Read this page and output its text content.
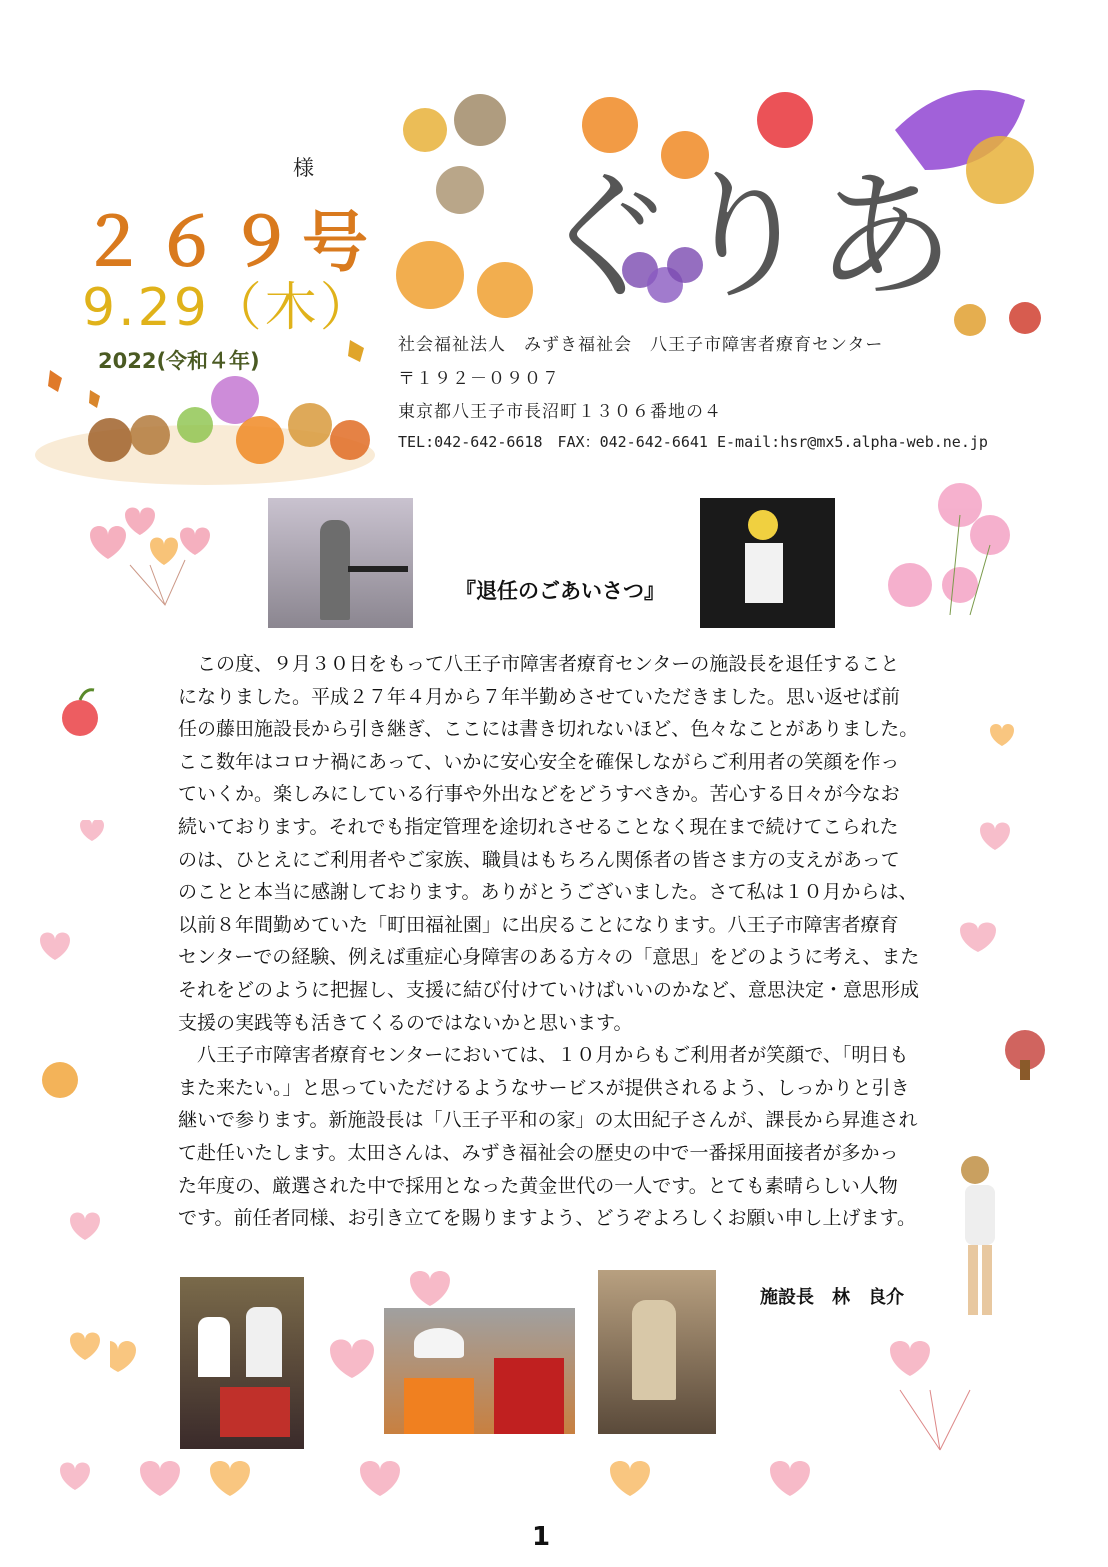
様
２６９号
9.29（木）
2022(令和４年)
ぐりあ
社会福祉法人　みずき福祉会　八王子市障害者療育センター
〒１９２－０９０７
東京都八王子市長沼町１３０６番地の４
TEL:042-642-6618　FAX：042-642-6641 E-mail:hsr@mx5.alpha-web.ne.jp
『退任のごあいさつ』

　この度、９月３０日をもって八王子市障害者療育センターの施設長を退任すること

になりました。平成２７年４月から７年半勤めさせていただきました。思い返せば前

任の藤田施設長から引き継ぎ、ここには書き切れないほど、色々なことがありました。

ここ数年はコロナ禍にあって、いかに安心安全を確保しながらご利用者の笑顔を作っ

ていくか。楽しみにしている行事や外出などをどうすべきか。苦心する日々が今なお

続いております。それでも指定管理を途切れさせることなく現在まで続けてこられた

のは、ひとえにご利用者やご家族、職員はもちろん関係者の皆さま方の支えがあって

のことと本当に感謝しております。ありがとうございました。さて私は１０月からは、

以前８年間勤めていた「町田福祉園」に出戻ることになります。八王子市障害者療育

センターでの経験、例えば重症心身障害のある方々の「意思」をどのように考え、また

それをどのように把握し、支援に結び付けていけばいいのかなど、意思決定・意思形成

支援の実践等も活きてくるのではないかと思います。

　八王子市障害者療育センターにおいては、１０月からもご利用者が笑顔で、「明日も

また来たい。」と思っていただけるようなサービスが提供されるよう、しっかりと引き

継いで参ります。新施設長は「八王子平和の家」の太田紀子さんが、課長から昇進され

て赴任いたします。太田さんは、みずき福祉会の歴史の中で一番採用面接者が多かっ

た年度の、厳選された中で採用となった黄金世代の一人です。とても素晴らしい人物

です。前任者同様、お引き立てを賜りますよう、どうぞよろしくお願い申し上げます。

施設長　林　良介
1
